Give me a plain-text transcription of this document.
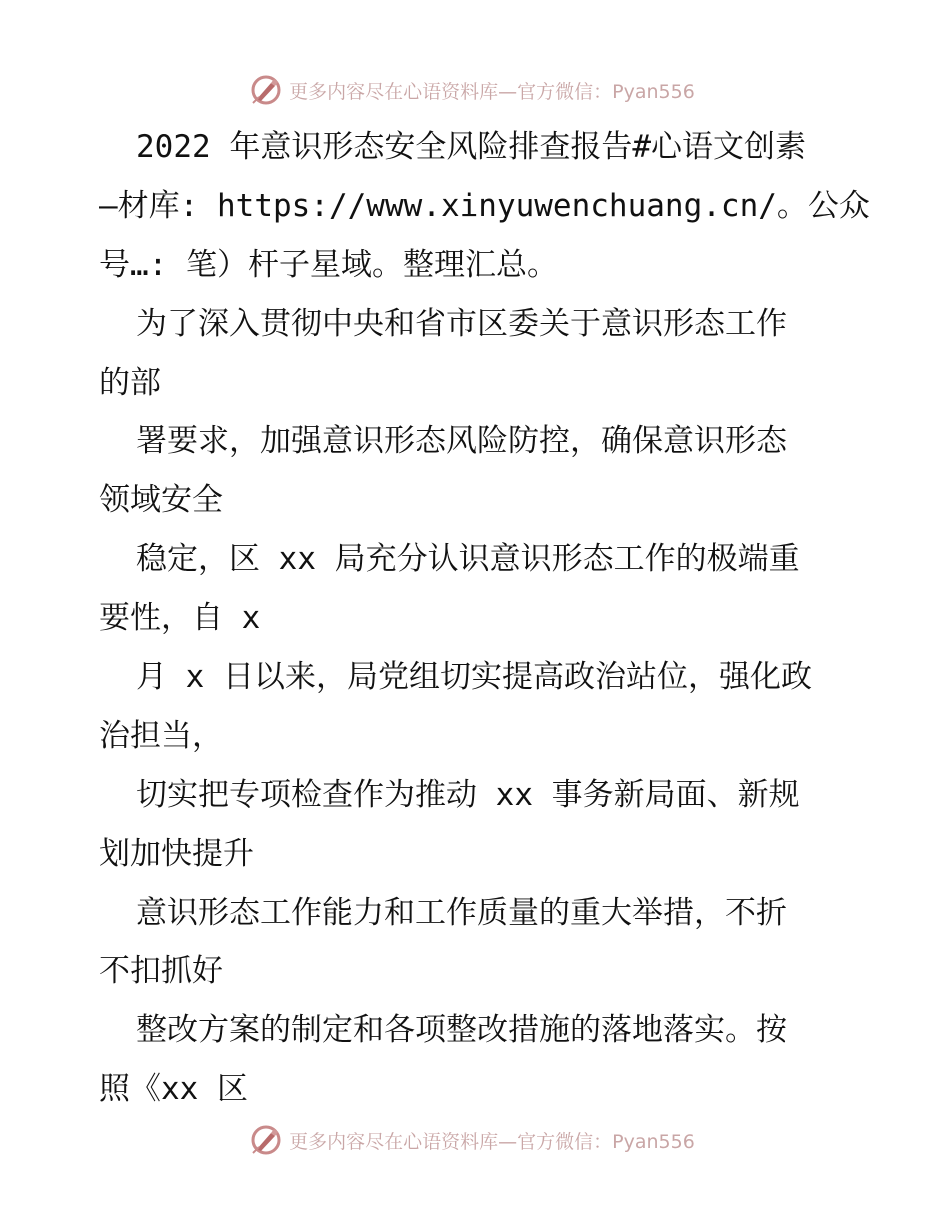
更多内容尽在心语资料库—官方微信：Pyan556
2022 年意识形态安全风险排查报告#心语文创素
—材库: https://www.xinyuwenchuang.cn/。公众
号…: 笔）杆子星域。整理汇总。
为了深入贯彻中央和省市区委关于意识形态工作
的部
署要求，加强意识形态风险防控，确保意识形态
领域安全
稳定，区 xx 局充分认识意识形态工作的极端重
要性，自 x
月 x 日以来，局党组切实提高政治站位，强化政
治担当，
切实把专项检查作为推动 xx 事务新局面、新规
划加快提升
意识形态工作能力和工作质量的重大举措，不折
不扣抓好
整改方案的制定和各项整改措施的落地落实。按
照《xx 区
更多内容尽在心语资料库—官方微信：Pyan556
